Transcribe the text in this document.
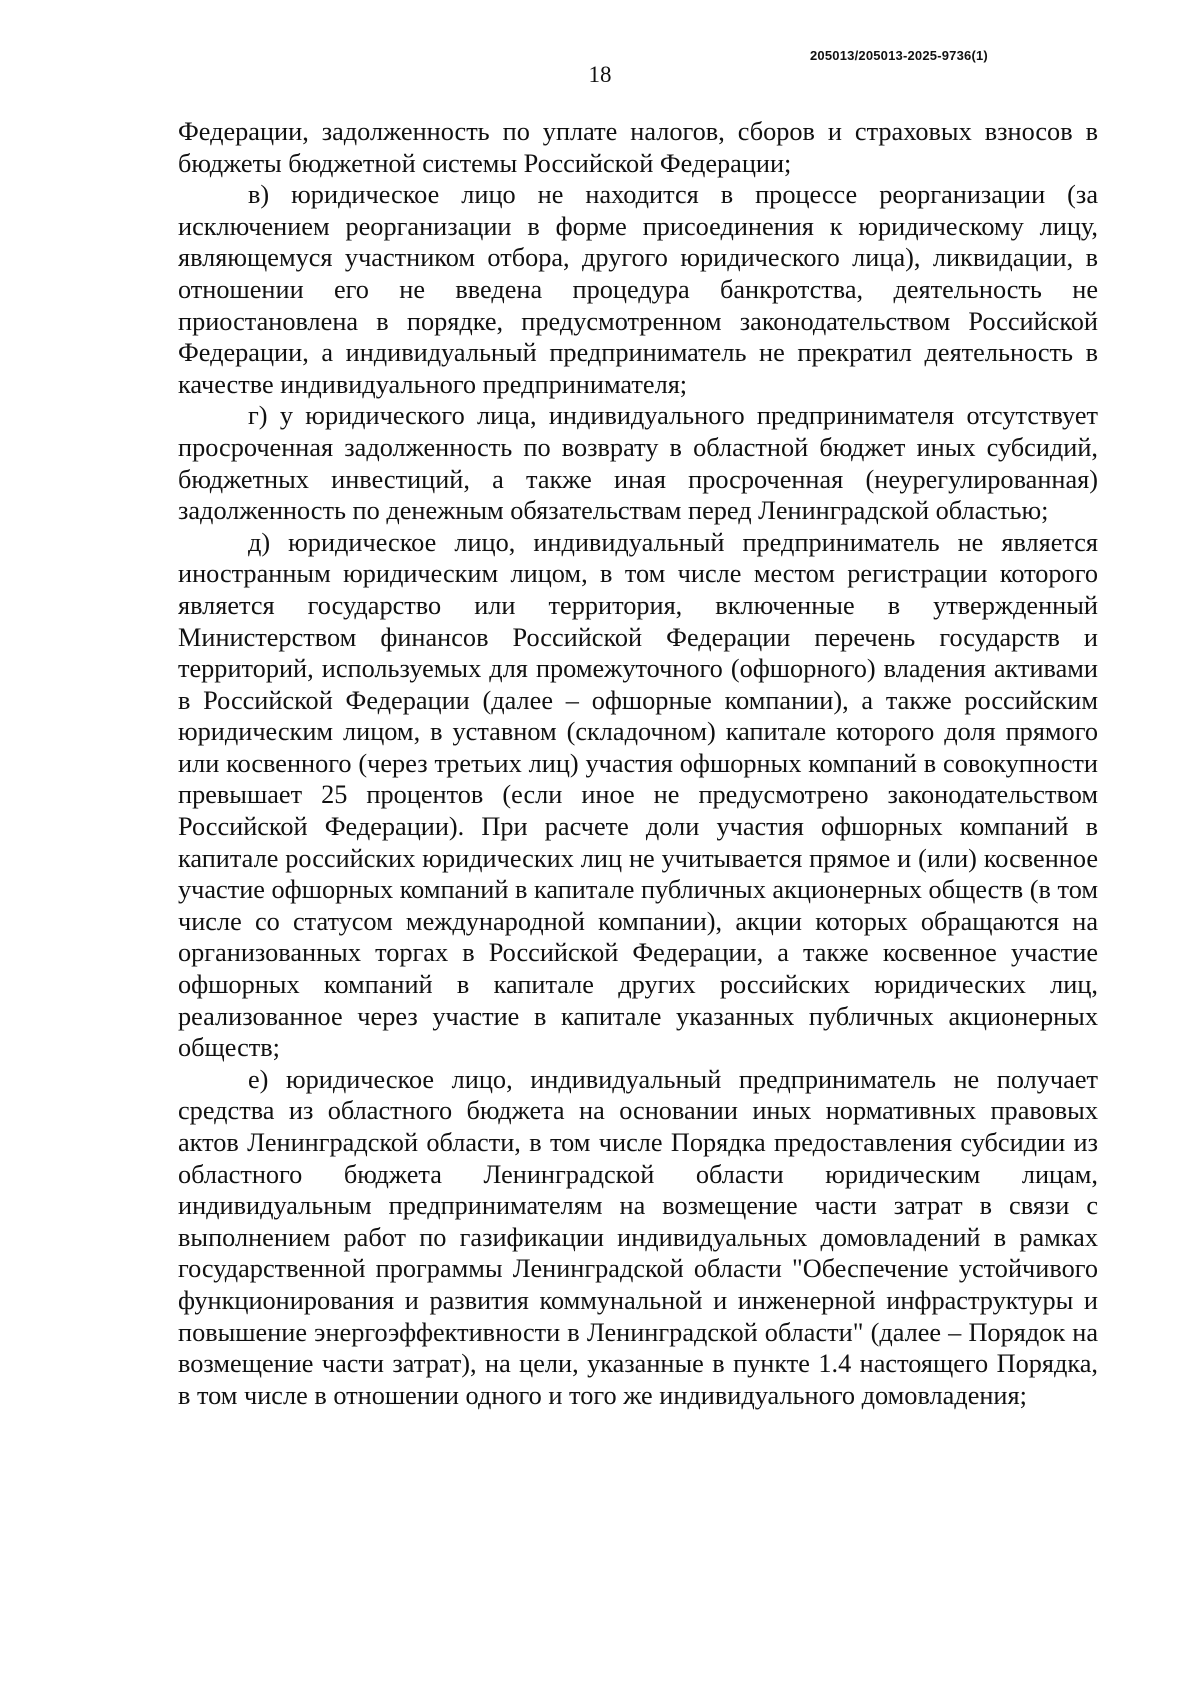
205013/205013-2025-9736(1)
18

Федерации, задолженность по уплате налогов, сборов и страховых взносов в бюджеты бюджетной системы Российской Федерации;

в) юридическое лицо не находится в процессе реорганизации (за исключением реорганизации в форме присоединения к юридическому лицу, являющемуся участником отбора, другого юридического лица), ликвидации, в отношении его не введена процедура банкротства, деятельность не приостановлена в порядке, предусмотренном законодательством Российской Федерации, а индивидуальный предприниматель не прекратил деятельность в качестве индивидуального предпринимателя;

г) у юридического лица, индивидуального предпринимателя отсутствует просроченная задолженность по возврату в областной бюджет иных субсидий, бюджетных инвестиций, а также иная просроченная (неурегулированная) задолженность по денежным обязательствам перед Ленинградской областью;

д) юридическое лицо, индивидуальный предприниматель не является иностранным юридическим лицом, в том числе местом регистрации которого является государство или территория, включенные в утвержденный Министерством финансов Российской Федерации перечень государств и территорий, используемых для промежуточного (офшорного) владения активами в Российской Федерации (далее – офшорные компании), а также российским юридическим лицом, в уставном (складочном) капитале которого доля прямого или косвенного (через третьих лиц) участия офшорных компаний в совокупности превышает 25 процентов (если иное не предусмотрено законодательством Российской Федерации). При расчете доли участия офшорных компаний в капитале российских юридических лиц не учитывается прямое и (или) косвенное участие офшорных компаний в капитале публичных акционерных обществ (в том числе со статусом международной компании), акции которых обращаются на организованных торгах в Российской Федерации, а также косвенное участие офшорных компаний в капитале других российских юридических лиц, реализованное через участие в капитале указанных публичных акционерных обществ;

е) юридическое лицо, индивидуальный предприниматель не получает средства из областного бюджета на основании иных нормативных правовых актов Ленинградской области, в том числе Порядка предоставления субсидии из областного бюджета Ленинградской области юридическим лицам, индивидуальным предпринимателям на возмещение части затрат в связи с выполнением работ по газификации индивидуальных домовладений в рамках государственной программы Ленинградской области "Обеспечение устойчивого функционирования и развития коммунальной и инженерной инфраструктуры и повышение энергоэффективности в Ленинградской области" (далее – Порядок на возмещение части затрат), на цели, указанные в пункте 1.4 настоящего Порядка, в том числе в отношении одного и того же индивидуального домовладения;
